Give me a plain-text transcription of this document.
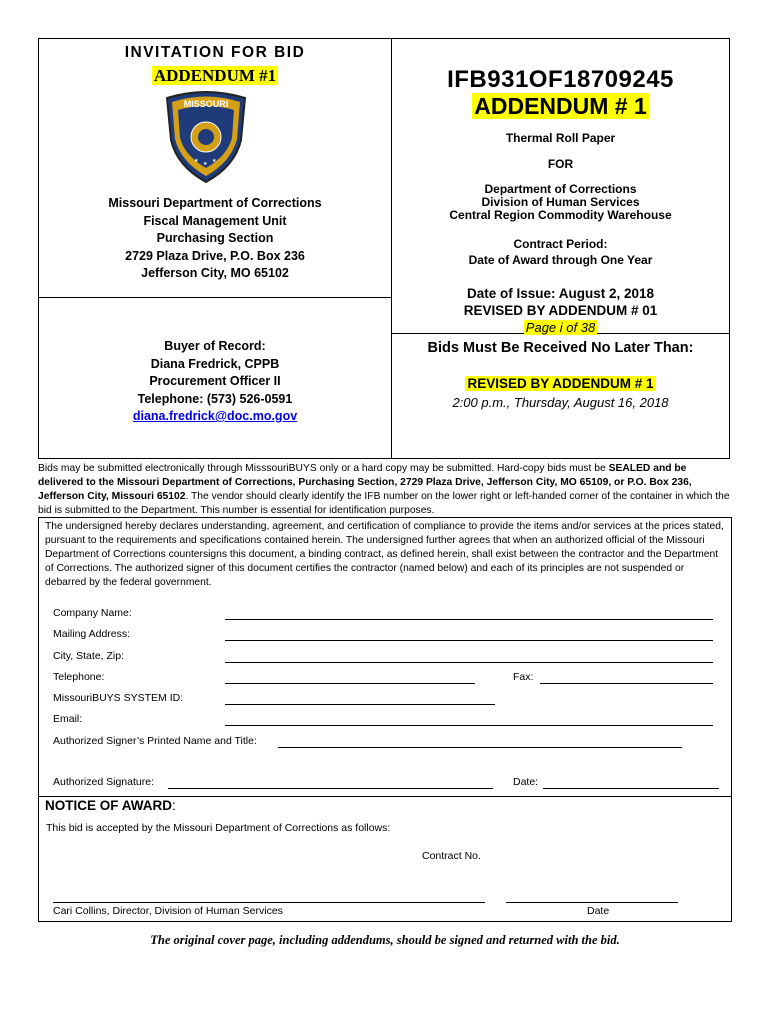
INVITATION FOR BID
ADDENDUM #1
MISSOURI
★ ★ ★
Missouri Department of Corrections
Fiscal Management Unit
Purchasing Section
2729 Plaza Drive, P.O. Box 236
Jefferson City, MO 65102
Buyer of Record:
Diana Fredrick, CPPB
Procurement Officer II
Telephone: (573) 526-0591
diana.fredrick@doc.mo.gov
IFB931OF18709245
ADDENDUM # 1
Thermal Roll Paper
FOR
Department of Corrections
Division of Human Services
Central Region Commodity Warehouse
Contract Period:
Date of Award through One Year
Date of Issue: August 2, 2018
REVISED BY ADDENDUM # 01
Page i of 38
Bids Must Be Received No Later Than:
REVISED BY ADDENDUM # 1
2:00 p.m., Thursday, August 16, 2018
Bids may be submitted electronically through MisssouriBUYS only or a hard copy may be submitted. Hard-copy bids must be SEALED and be delivered to the Missouri Department of Corrections, Purchasing Section, 2729 Plaza Drive, Jefferson City, MO 65109, or P.O. Box 236, Jefferson City, Missouri 65102. The vendor should clearly identify the IFB number on the lower right or left-handed corner of the container in which the bid is submitted to the Department. This number is essential for identification purposes.
The undersigned hereby declares understanding, agreement, and certification of compliance to provide the items and/or services at the prices stated, pursuant to the requirements and specifications contained herein. The undersigned further agrees that when an authorized official of the Missouri Department of Corrections countersigns this document, a binding contract, as defined herein, shall exist between the contractor and the Department of Corrections. The authorized signer of this document certifies the contractor (named below) and each of its principles are not suspended or debarred by the federal government.
Company Name:
Mailing Address:
City, State, Zip:
Telephone:	Fax:
MissouriBUYS SYSTEM ID:
Email:
Authorized Signer’s Printed Name and Title:
Authorized Signature:	Date:
NOTICE OF AWARD:
This bid is accepted by the Missouri Department of Corrections as follows:
Contract No.
Cari Collins, Director, Division of Human Services	Date
The original cover page, including addendums, should be signed and returned with the bid.
